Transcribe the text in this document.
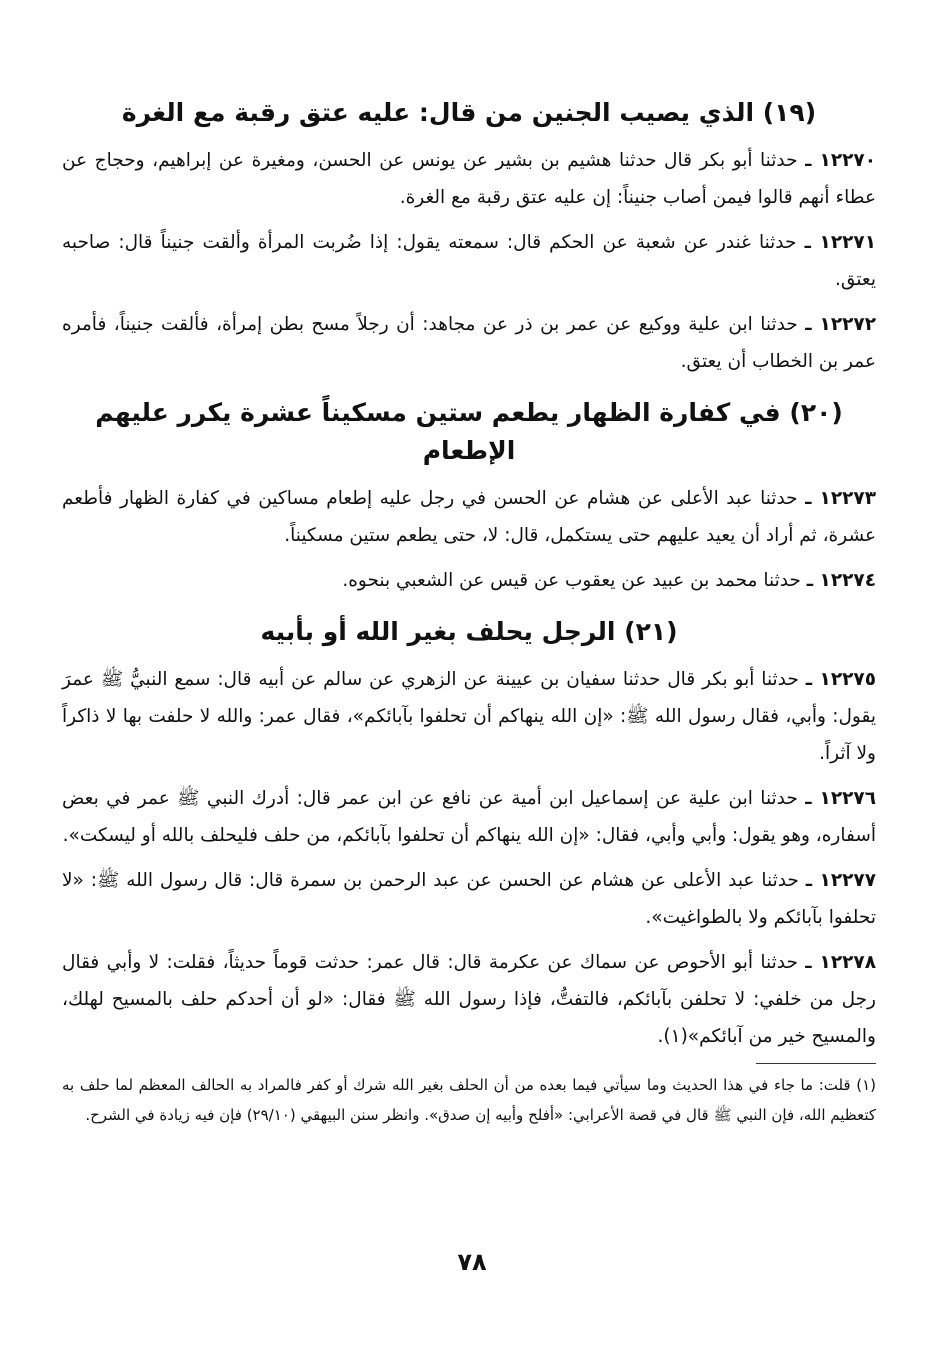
(١٩) الذي يصيب الجنين من قال: عليه عتق رقبة مع الغرة

١٢٢٧٠ ـ حدثنا أبو بكر قال حدثنا هشيم بن بشير عن يونس عن الحسن، ومغيرة عن إبراهيم، وحجاج عن عطاء أنهم قالوا فيمن أصاب جنيناً: إن عليه عتق رقبة مع الغرة.

١٢٢٧١ ـ حدثنا غندر عن شعبة عن الحكم قال: سمعته يقول: إذا ضُربت المرأة وألقت جنيناً قال: صاحبه يعتق.

١٢٢٧٢ ـ حدثنا ابن علية ووكيع عن عمر بن ذر عن مجاهد: أن رجلاً مسح بطن إمرأة، فألقت جنيناً، فأمره عمر بن الخطاب أن يعتق.

(٢٠) في كفارة الظهار يطعم ستين مسكيناً عشرة يكرر عليهم الإطعام

١٢٢٧٣ ـ حدثنا عبد الأعلى عن هشام عن الحسن في رجل عليه إطعام مساكين في كفارة الظهار فأطعم عشرة، ثم أراد أن يعيد عليهم حتى يستكمل، قال: لا، حتى يطعم ستين مسكيناً.

١٢٢٧٤ ـ حدثنا محمد بن عبيد عن يعقوب عن قيس عن الشعبي بنحوه.

(٢١) الرجل يحلف بغير الله أو بأبيه

١٢٢٧٥ ـ حدثنا أبو بكر قال حدثنا سفيان بن عيينة عن الزهري عن سالم عن أبيه قال: سمع النبيُّ ﷺ عمرَ يقول: وأبي، فقال رسول الله ﷺ: «إن الله ينهاكم أن تحلفوا بآبائكم»، فقال عمر: والله لا حلفت بها لا ذاكراً ولا آثراً.

١٢٢٧٦ ـ حدثنا ابن علية عن إسماعيل ابن أمية عن نافع عن ابن عمر قال: أدرك النبي ﷺ عمر في بعض أسفاره، وهو يقول: وأبي وأبي، فقال: «إن الله ينهاكم أن تحلفوا بآبائكم، من حلف فليحلف بالله أو ليسكت».

١٢٢٧٧ ـ حدثنا عبد الأعلى عن هشام عن الحسن عن عبد الرحمن بن سمرة قال: قال رسول الله ﷺ: «لا تحلفوا بآبائكم ولا بالطواغيت».

١٢٢٧٨ ـ حدثنا أبو الأحوص عن سماك عن عكرمة قال: قال عمر: حدثت قوماً حديثاً، فقلت: لا وأبي فقال رجل من خلفي: لا تحلفن بآبائكم، فالتفتُّ، فإذا رسول الله ﷺ فقال: «لو أن أحدكم حلف بالمسيح لهلك، والمسيح خير من آبائكم»(١).

(١) قلت: ما جاء في هذا الحديث وما سيأتي فيما بعده من أن الحلف بغير الله شرك أو كفر فالمراد به الحالف المعظم لما حلف به كتعظيم الله، فإن النبي ﷺ قال في قصة الأعرابي: «أفلح وأبيه إن صدق». وانظر سنن البيهقي (٢٩/١٠) فإن فيه زيادة في الشرح.

٧٨
